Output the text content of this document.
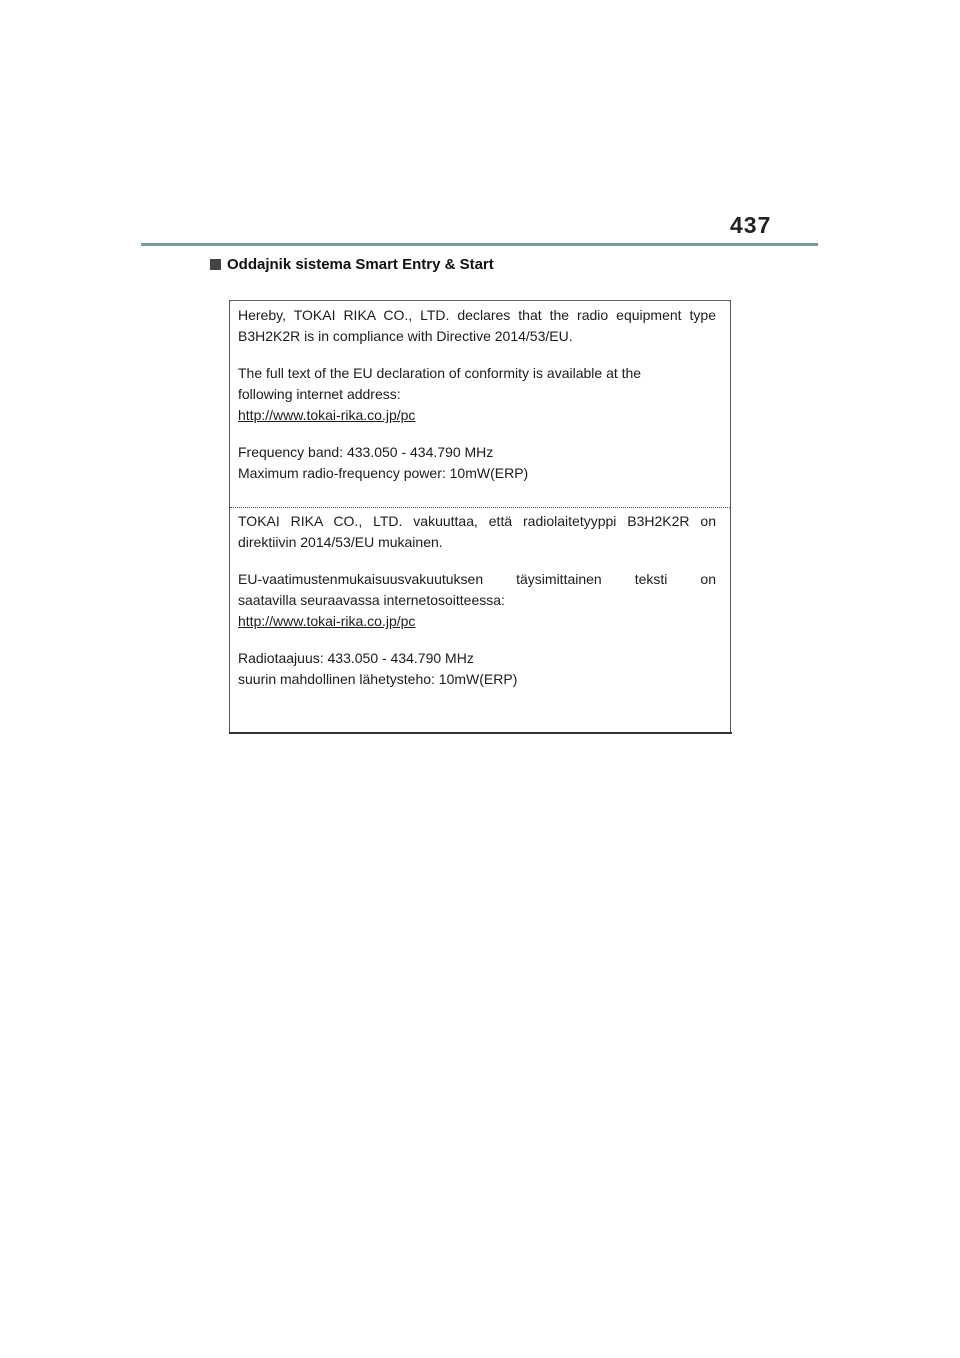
437
Oddajnik sistema Smart Entry & Start

Hereby, TOKAI RIKA CO., LTD. declares that the radio equipment type

B3H2K2R is in compliance with Directive 2014/53/EU.

The full text of the EU declaration of conformity is available at the

following internet address:

http://www.tokai-rika.co.jp/pc

Frequency band: 433.050 - 434.790 MHz

Maximum radio-frequency power: 10mW(ERP)

TOKAI RIKA CO., LTD. vakuuttaa, että radiolaitetyyppi B3H2K2R on

direktiivin 2014/53/EU mukainen.

EU-vaatimustenmukaisuusvakuutuksen täysimittainen teksti on

saatavilla seuraavassa internetosoitteessa:

http://www.tokai-rika.co.jp/pc

Radiotaajuus: 433.050 - 434.790 MHz

suurin mahdollinen lähetysteho: 10mW(ERP)
